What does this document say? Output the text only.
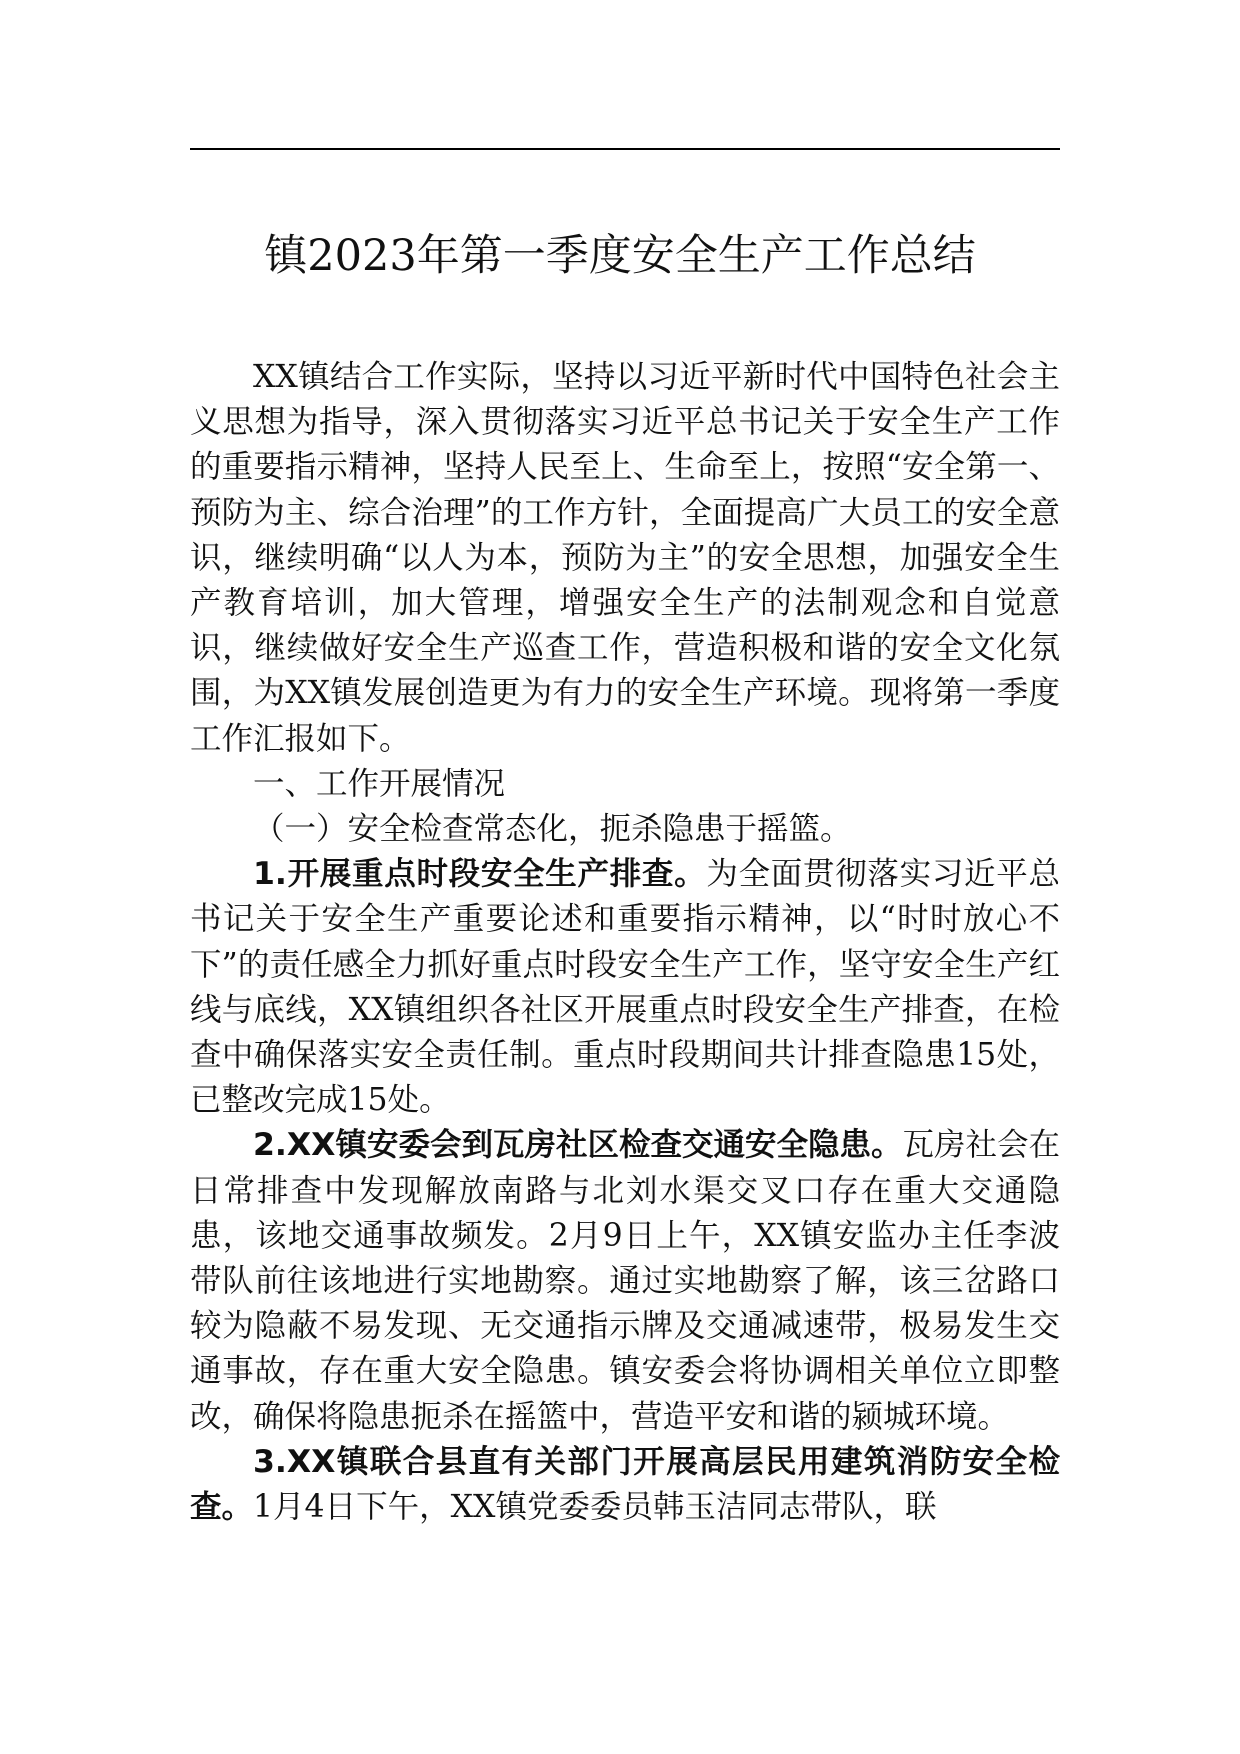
镇2023年第一季度安全生产工作总结

XX镇结合工作实际，坚持以习近平新时代中国特色社会主义思想为指导，深入贯彻落实习近平总书记关于安全生产工作的重要指示精神，坚持人民至上、生命至上，按照“安全第一、预防为主、综合治理”的工作方针，全面提高广大员工的安全意识，继续明确“以人为本，预防为主”的安全思想，加强安全生产教育培训，加大管理，增强安全生产的法制观念和自觉意识，继续做好安全生产巡查工作，营造积极和谐的安全文化氛围，为XX镇发展创造更为有力的安全生产环境。现将第一季度工作汇报如下。

一、工作开展情况

（一）安全检查常态化，扼杀隐患于摇篮。

1.开展重点时段安全生产排查。为全面贯彻落实习近平总书记关于安全生产重要论述和重要指示精神，以“时时放心不下”的责任感全力抓好重点时段安全生产工作，坚守安全生产红线与底线，XX镇组织各社区开展重点时段安全生产排查，在检查中确保落实安全责任制。重点时段期间共计排查隐患15处，已整改完成15处。

2.XX镇安委会到瓦房社区检查交通安全隐患。瓦房社会在日常排查中发现解放南路与北刘水渠交叉口存在重大交通隐患，该地交通事故频发。2月9日上午，XX镇安监办主任李波带队前往该地进行实地勘察。通过实地勘察了解，该三岔路口较为隐蔽不易发现、无交通指示牌及交通减速带，极易发生交通事故，存在重大安全隐患。镇安委会将协调相关单位立即整改，确保将隐患扼杀在摇篮中，营造平安和谐的颍城环境。

3.XX镇联合县直有关部门开展高层民用建筑消防安全检查。1月4日下午，XX镇党委委员韩玉洁同志带队，联
